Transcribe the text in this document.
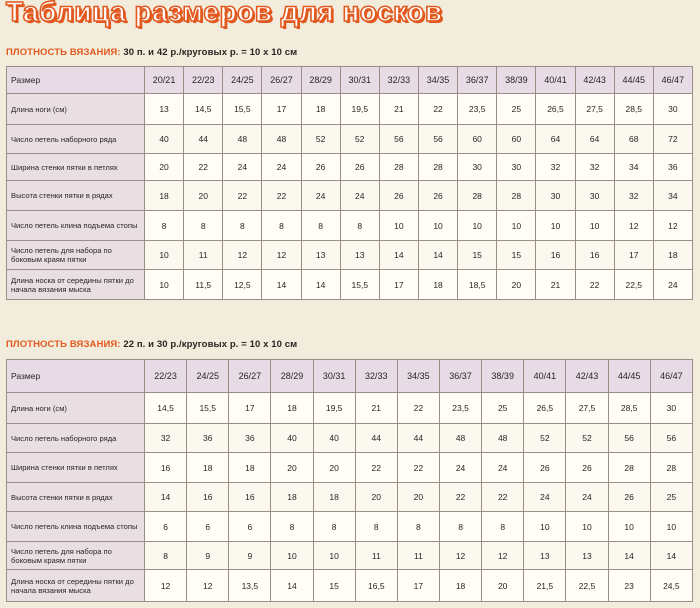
Таблица размеров для носков
ПЛОТНОСТЬ ВЯЗАНИЯ: 30 п. и 42 р./круговых р. = 10 х 10 см
Размер	20/21	22/23	24/25	26/27	28/29	30/31	32/33	34/35	36/37	38/39	40/41	42/43	44/45	46/47
Длина ноги (см)	13	14,5	15,5	17	18	19,5	21	22	23,5	25	26,5	27,5	28,5	30
Число петель наборного ряда	40	44	48	48	52	52	56	56	60	60	64	64	68	72
Ширина стенки пятки в петлях	20	22	24	24	26	26	28	28	30	30	32	32	34	36
Высота стенки пятки в рядах	18	20	22	22	24	24	26	26	28	28	30	30	32	34
Число петель клина подъема стопы	8	8	8	8	8	8	10	10	10	10	10	10	12	12
Число петель для набора по боковым краям пятки	10	11	12	12	13	13	14	14	15	15	16	16	17	18
Длина носка от середины пятки до начала вязания мыска	10	11,5	12,5	14	14	15,5	17	18	18,5	20	21	22	22,5	24
ПЛОТНОСТЬ ВЯЗАНИЯ: 22 п. и 30 р./круговых р. = 10 х 10 см
Размер	22/23	24/25	26/27	28/29	30/31	32/33	34/35	36/37	38/39	40/41	42/43	44/45	46/47
Длина ноги (см)	14,5	15,5	17	18	19,5	21	22	23,5	25	26,5	27,5	28,5	30
Число петель наборного ряда	32	36	36	40	40	44	44	48	48	52	52	56	56
Ширина стенки пятки в петлях	16	18	18	20	20	22	22	24	24	26	26	28	28
Высота стенки пятки в рядах	14	16	16	18	18	20	20	22	22	24	24	26	25
Число петель клина подъема стопы	6	6	6	8	8	8	8	8	8	10	10	10	10
Число петель для набора по боковым краям пятки	8	9	9	10	10	11	11	12	12	13	13	14	14
Длина носка от середины пятки до начала вязания мыска	12	12	13,5	14	15	16,5	17	18	20	21,5	22,5	23	24,5
